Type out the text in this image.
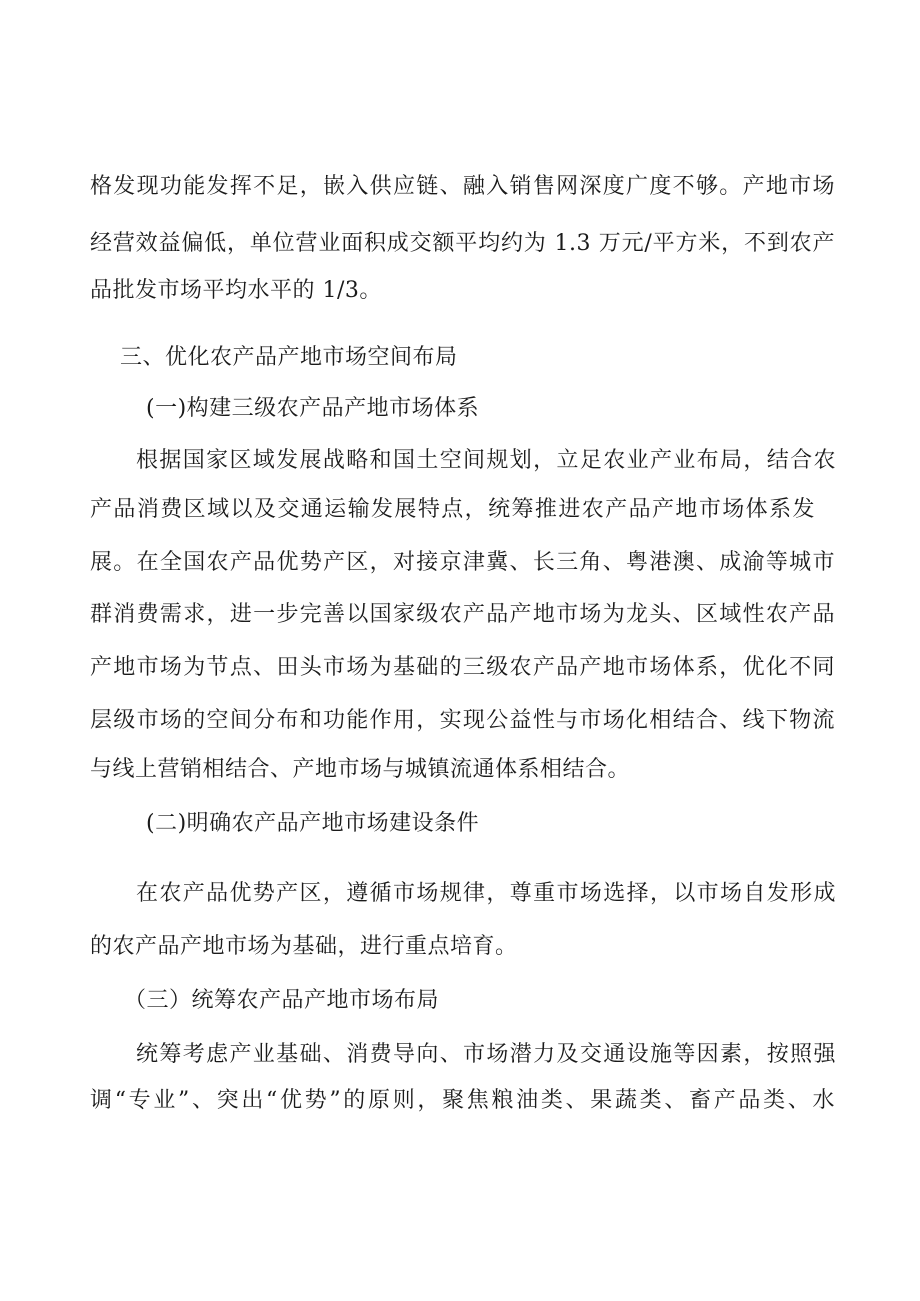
格发现功能发挥不足，嵌入供应链、融入销售网深度广度不够。产地市场
经营效益偏低，单位营业面积成交额平均约为 1.3 万元/平方米，不到农产
品批发市场平均水平的 1/3。
三、优化农产品产地市场空间布局
(一)构建三级农产品产地市场体系
根据国家区域发展战略和国土空间规划，立足农业产业布局，结合农
产品消费区域以及交通运输发展特点，统筹推进农产品产地市场体系发
展。在全国农产品优势产区，对接京津冀、长三角、粤港澳、成渝等城市
群消费需求，进一步完善以国家级农产品产地市场为龙头、区域性农产品
产地市场为节点、田头市场为基础的三级农产品产地市场体系，优化不同
层级市场的空间分布和功能作用，实现公益性与市场化相结合、线下物流
与线上营销相结合、产地市场与城镇流通体系相结合。
(二)明确农产品产地市场建设条件
在农产品优势产区，遵循市场规律，尊重市场选择，以市场自发形成
的农产品产地市场为基础，进行重点培育。
（三）统筹农产品产地市场布局
统筹考虑产业基础、消费导向、市场潜力及交通设施等因素，按照强
调“专业”、突出“优势”的原则，聚焦粮油类、果蔬类、畜产品类、水
